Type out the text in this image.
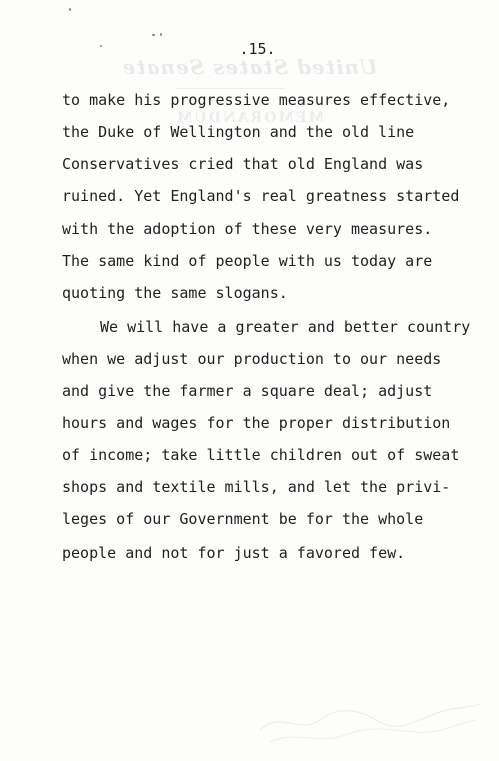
United States Senate
MEMORANDUM
.15.
to make his progressive measures effective,
the Duke of Wellington and the old line
Conservatives cried that old England was
ruined. Yet England's real greatness started
with the adoption of these very measures.
The same kind of people with us today are
quoting the same slogans.
We will have a greater and better country
when we adjust our production to our needs
and give the farmer a square deal; adjust
hours and wages for the proper distribution
of income; take little children out of sweat
shops and textile mills, and let the privi-
leges of our Government be for the whole
people and not for just a favored few.
